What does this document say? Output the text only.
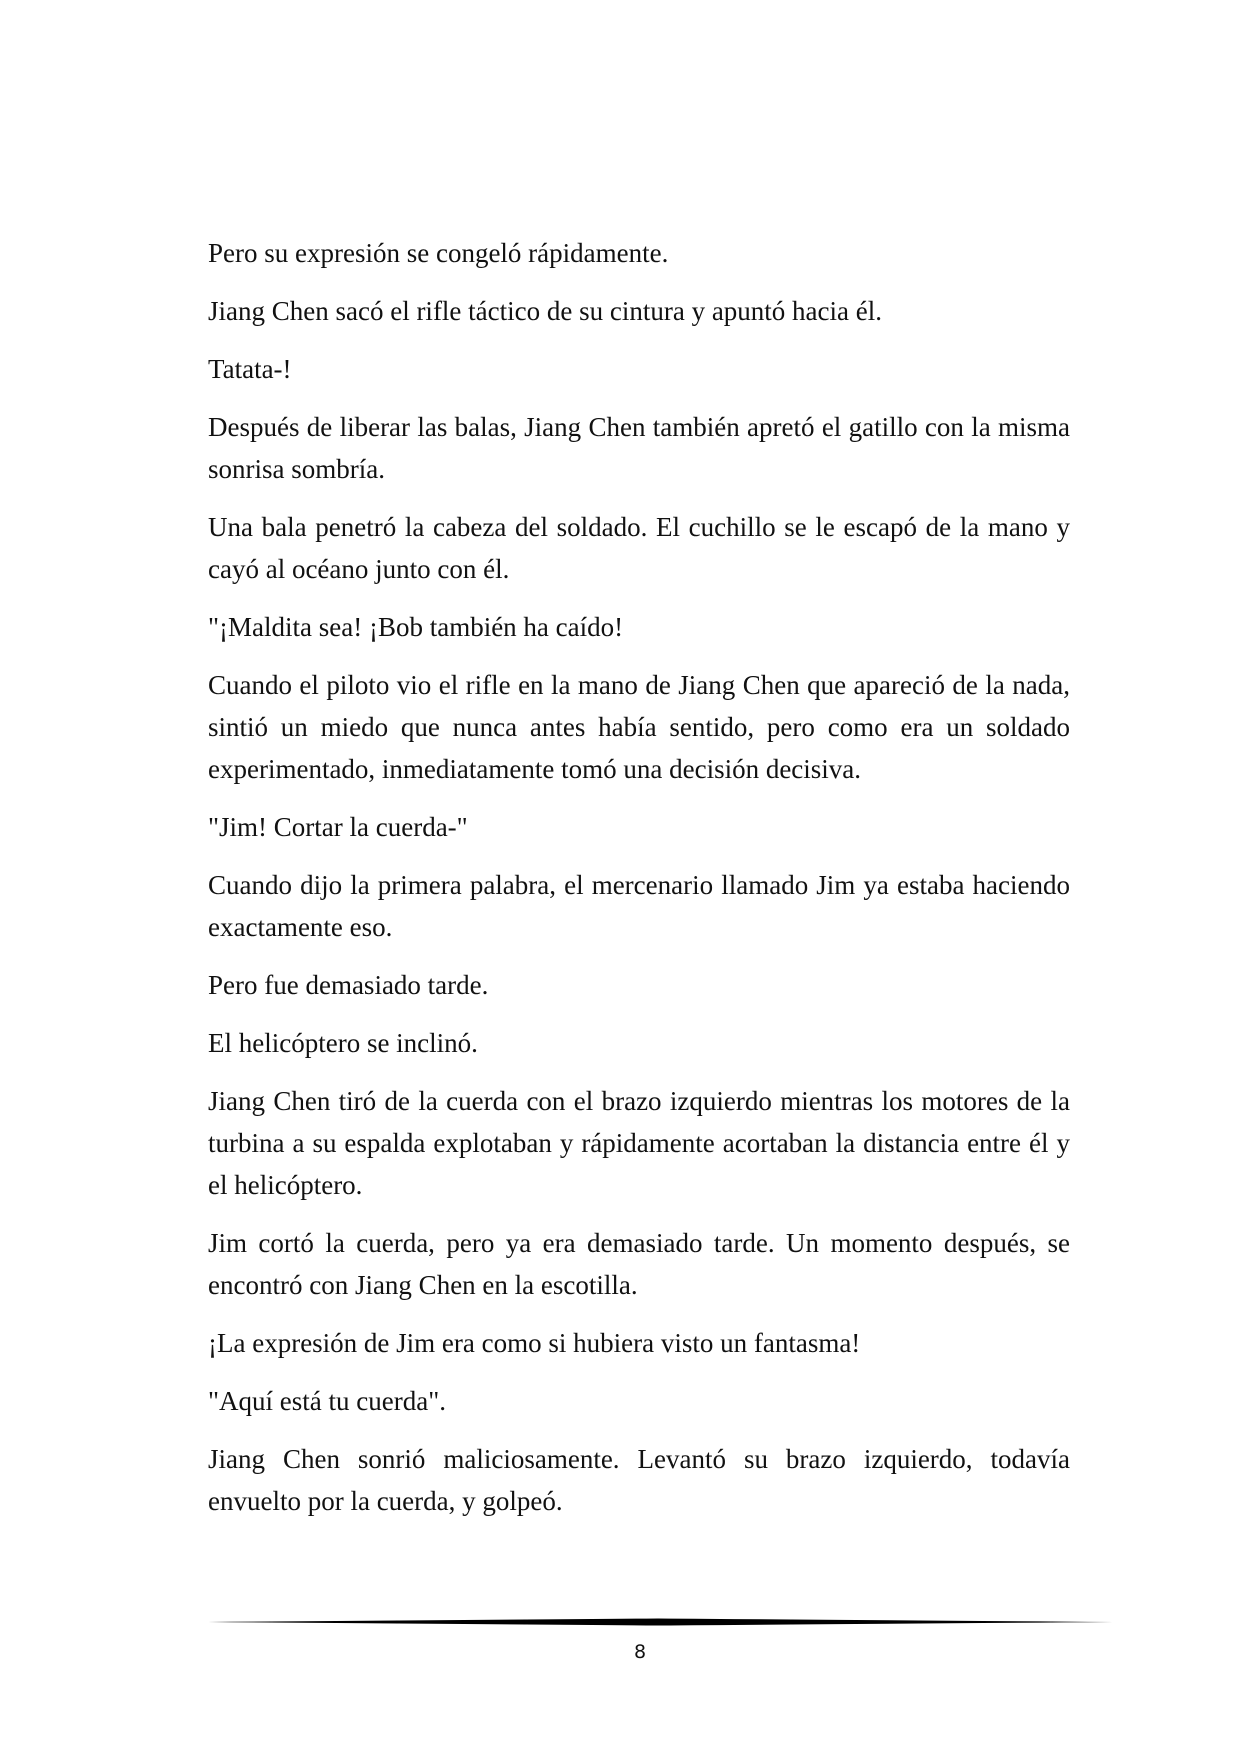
Pero su expresión se congeló rápidamente.

Jiang Chen sacó el rifle táctico de su cintura y apuntó hacia él.

Tatata-!

Después de liberar las balas, Jiang Chen también apretó el gatillo con la misma sonrisa sombría.

Una bala penetró la cabeza del soldado. El cuchillo se le escapó de la mano y cayó al océano junto con él.

"¡Maldita sea! ¡Bob también ha caído!

Cuando el piloto vio el rifle en la mano de Jiang Chen que apareció de la nada, sintió un miedo que nunca antes había sentido, pero como era un soldado experimentado, inmediatamente tomó una decisión decisiva.

"Jim! Cortar la cuerda-"

Cuando dijo la primera palabra, el mercenario llamado Jim ya estaba haciendo exactamente eso.

Pero fue demasiado tarde.

El helicóptero se inclinó.

Jiang Chen tiró de la cuerda con el brazo izquierdo mientras los motores de la turbina a su espalda explotaban y rápidamente acortaban la distancia entre él y el helicóptero.

Jim cortó la cuerda, pero ya era demasiado tarde. Un momento después, se encontró con Jiang Chen en la escotilla.

¡La expresión de Jim era como si hubiera visto un fantasma!

"Aquí está tu cuerda".

Jiang Chen sonrió maliciosamente. Levantó su brazo izquierdo, todavía envuelto por la cuerda, y golpeó.

8
